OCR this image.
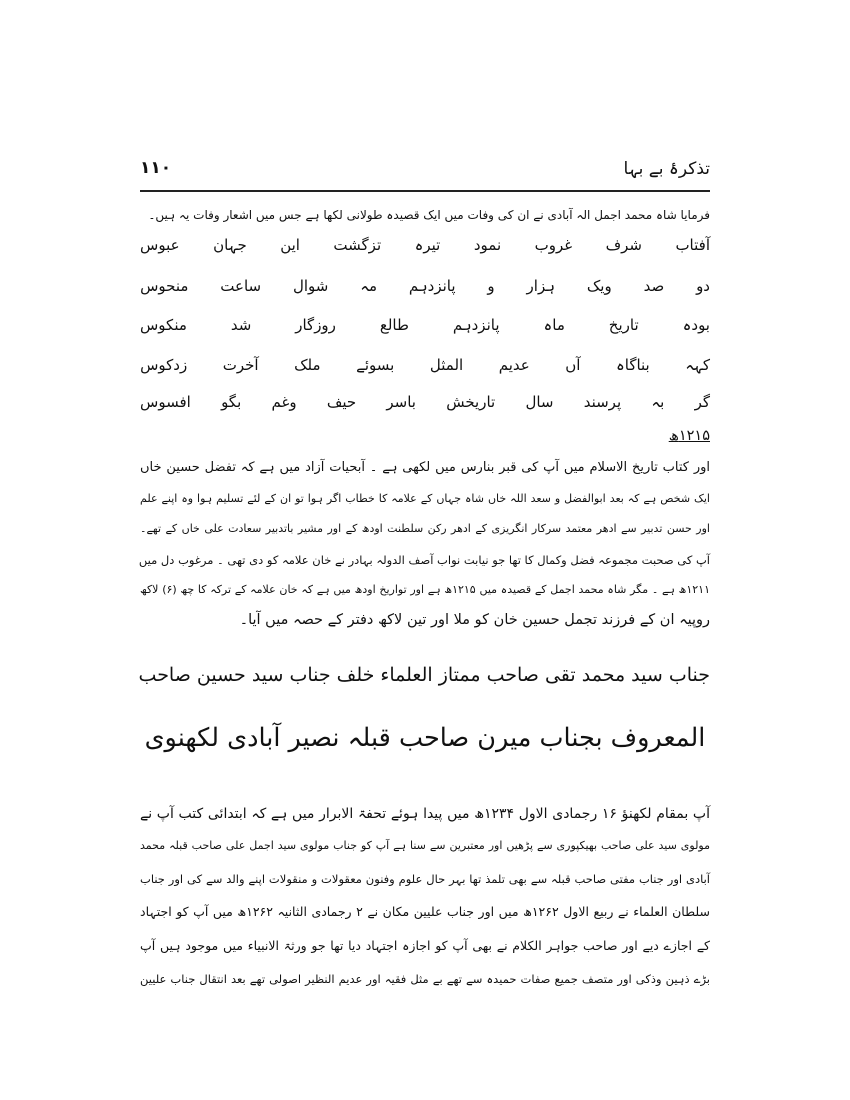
تذکرۂ بے بہا
۱۱۰
فرمایا شاہ محمد اجمل الہ آبادی نے ان کی وفات میں ایک قصیدہ طولانی لکھا ہے جس میں اشعار وفات یہ ہیں۔
آفتاب
شرف
غروب
نمود
تیرہ
تزگشت
این
جہان
عبوس
دو
صد
ویک
ہزار
و
پانزدہم
مہ
شوال
ساعت
منحوس
بودہ
تاریخ
ماہ
پانزدہم
طالع
روزگار
شد
منکوس
کہہ
بناگاہ
آں
عدیم
المثل
بسوئے
ملک
آخرت
زدکوس
گر
بہ
پرسند
سال
تاریخش
باسر
حیف
وغم
بگو
افسوس
۱۲۱۵ھ
اور کتاب تاریخ الاسلام میں آپ کی قبر بنارس میں لکھی ہے ۔ آبحیات آزاد میں ہے کہ تفضل حسین خاں
ایک شخص ہے کہ بعد ابوالفضل و سعد اللہ خاں شاہ جہاں کے علامہ کا خطاب اگر ہوا تو ان کے لئے تسلیم ہوا وہ اپنے علم
اور حسن تدبیر سے ادھر معتمد سرکار انگریزی کے ادھر رکن سلطنت اودھ کے اور مشیر باتدبیر سعادت علی خاں کے تھے۔
آپ کی صحبت مجموعہ فضل وکمال کا تھا جو نیابت نواب آصف الدولہ بہادر نے خان علامہ کو دی تھی ۔ مرغوب دل میں
۱۲۱۱ھ ہے ۔ مگر شاہ محمد اجمل کے قصیدہ میں ۱۲۱۵ھ ہے اور تواریخ اودھ میں ہے کہ خان علامہ کے ترکہ کا چھ (۶) لاکھ
روپیہ ان کے فرزند تجمل حسین خان کو ملا اور تین لاکھ دفتر کے حصہ میں آیا۔
جناب سید محمد تقی صاحب ممتاز العلماء خلف جناب سید حسین صاحب
المعروف بجناب میرن صاحب قبلہ نصیر آبادی لکھنوی
آپ بمقام لکھنؤ ۱۶ رجمادی الاول ۱۲۳۴ھ میں پیدا ہوئے تحفۃ الابرار میں ہے کہ ابتدائی کتب آپ نے
مولوی سید علی صاحب بھیکپوری سے پڑھیں اور معتبرین سے سنا ہے آپ کو جناب مولوی سید اجمل علی صاحب قبلہ محمد
آبادی اور جناب مفتی صاحب قبلہ سے بھی تلمذ تھا بہر حال علوم وفنون معقولات و منقولات اپنے والد سے کی اور جناب
سلطان العلماء نے ربیع الاول ۱۲۶۲ھ میں اور جناب علیین مکان نے ۲ رجمادی الثانیہ ۱۲۶۲ھ میں آپ کو اجتہاد
کے اجازے دیے اور صاحب جواہر الکلام نے بھی آپ کو اجازہ اجتہاد دیا تھا جو ورثۃ الانبیاء میں موجود ہیں آپ
بڑے ذہین وذکی اور متصف جمیع صفات حمیدہ سے تھے بے مثل فقیہ اور عدیم النظیر اصولی تھے بعد انتقال جناب علیین
